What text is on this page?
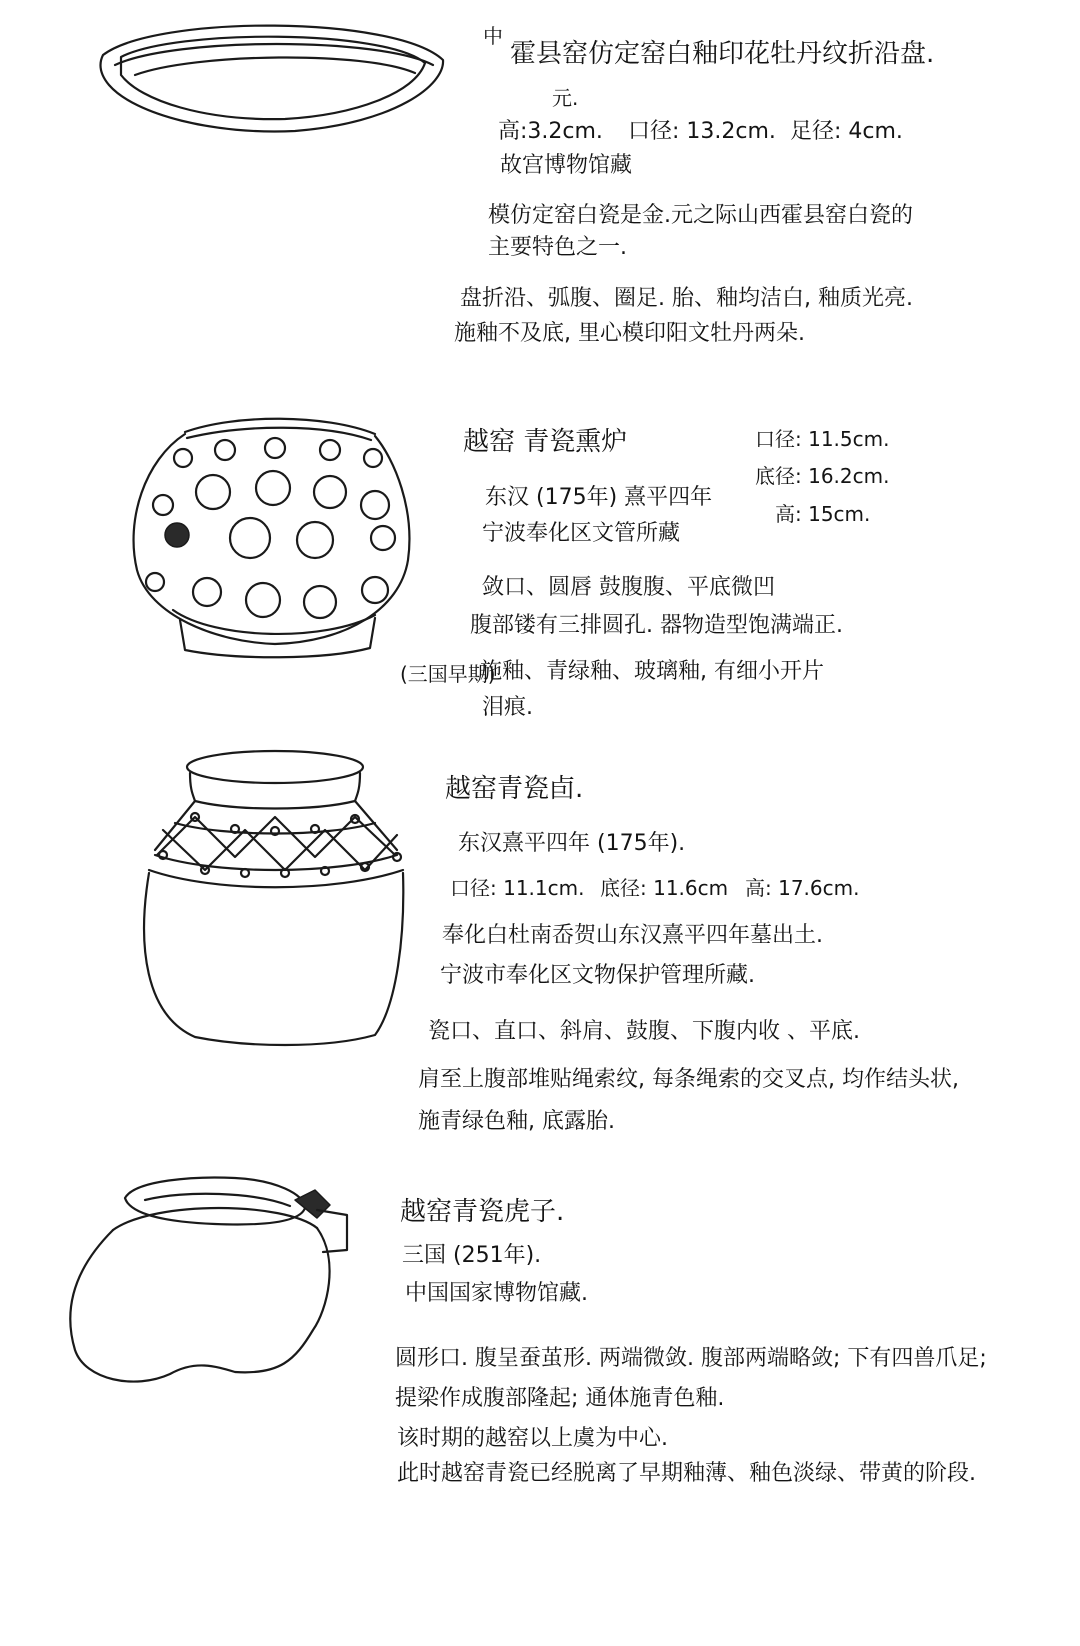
中
霍县窑仿定窑白釉印花牡丹纹折沿盘.
元.
高:3.2cm. 口径: 13.2cm. 足径: 4cm.
故宫博物馆藏
模仿定窑白瓷是金.元之际山西霍县窑白瓷的
主要特色之一.
盘折沿、弧腹、圈足. 胎、釉均洁白, 釉质光亮.
施釉不及底, 里心模印阳文牡丹两朵.
越窑 青瓷熏炉	口径: 11.5cm.
底径: 16.2cm.
高: 15cm.
东汉 (175年) 熹平四年
宁波奉化区文管所藏
敛口、圆唇 鼓腹腹、平底微凹
腹部镂有三排圆孔. 器物造型饱满端正.
(三国早期)
施釉、青绿釉、玻璃釉, 有细小开片
泪痕.
越窑青瓷卣.
东汉熹平四年 (175年).
口径: 11.1cm. 底径: 11.6cm 高: 17.6cm.
奉化白杜南岙贺山东汉熹平四年墓出土.
宁波市奉化区文物保护管理所藏.
瓷口、直口、斜肩、鼓腹、下腹内收 、平底.
肩至上腹部堆贴绳索纹, 每条绳索的交叉点, 均作结头状,
施青绿色釉, 底露胎.
越窑青瓷虎子.
三国 (251年).
中国国家博物馆藏.
圆形口. 腹呈蚕茧形. 两端微敛. 腹部两端略敛; 下有四兽爪足;
提梁作成腹部隆起; 通体施青色釉.
该时期的越窑以上虞为中心.
此时越窑青瓷已经脱离了早期釉薄、釉色淡绿、带黄的阶段.
